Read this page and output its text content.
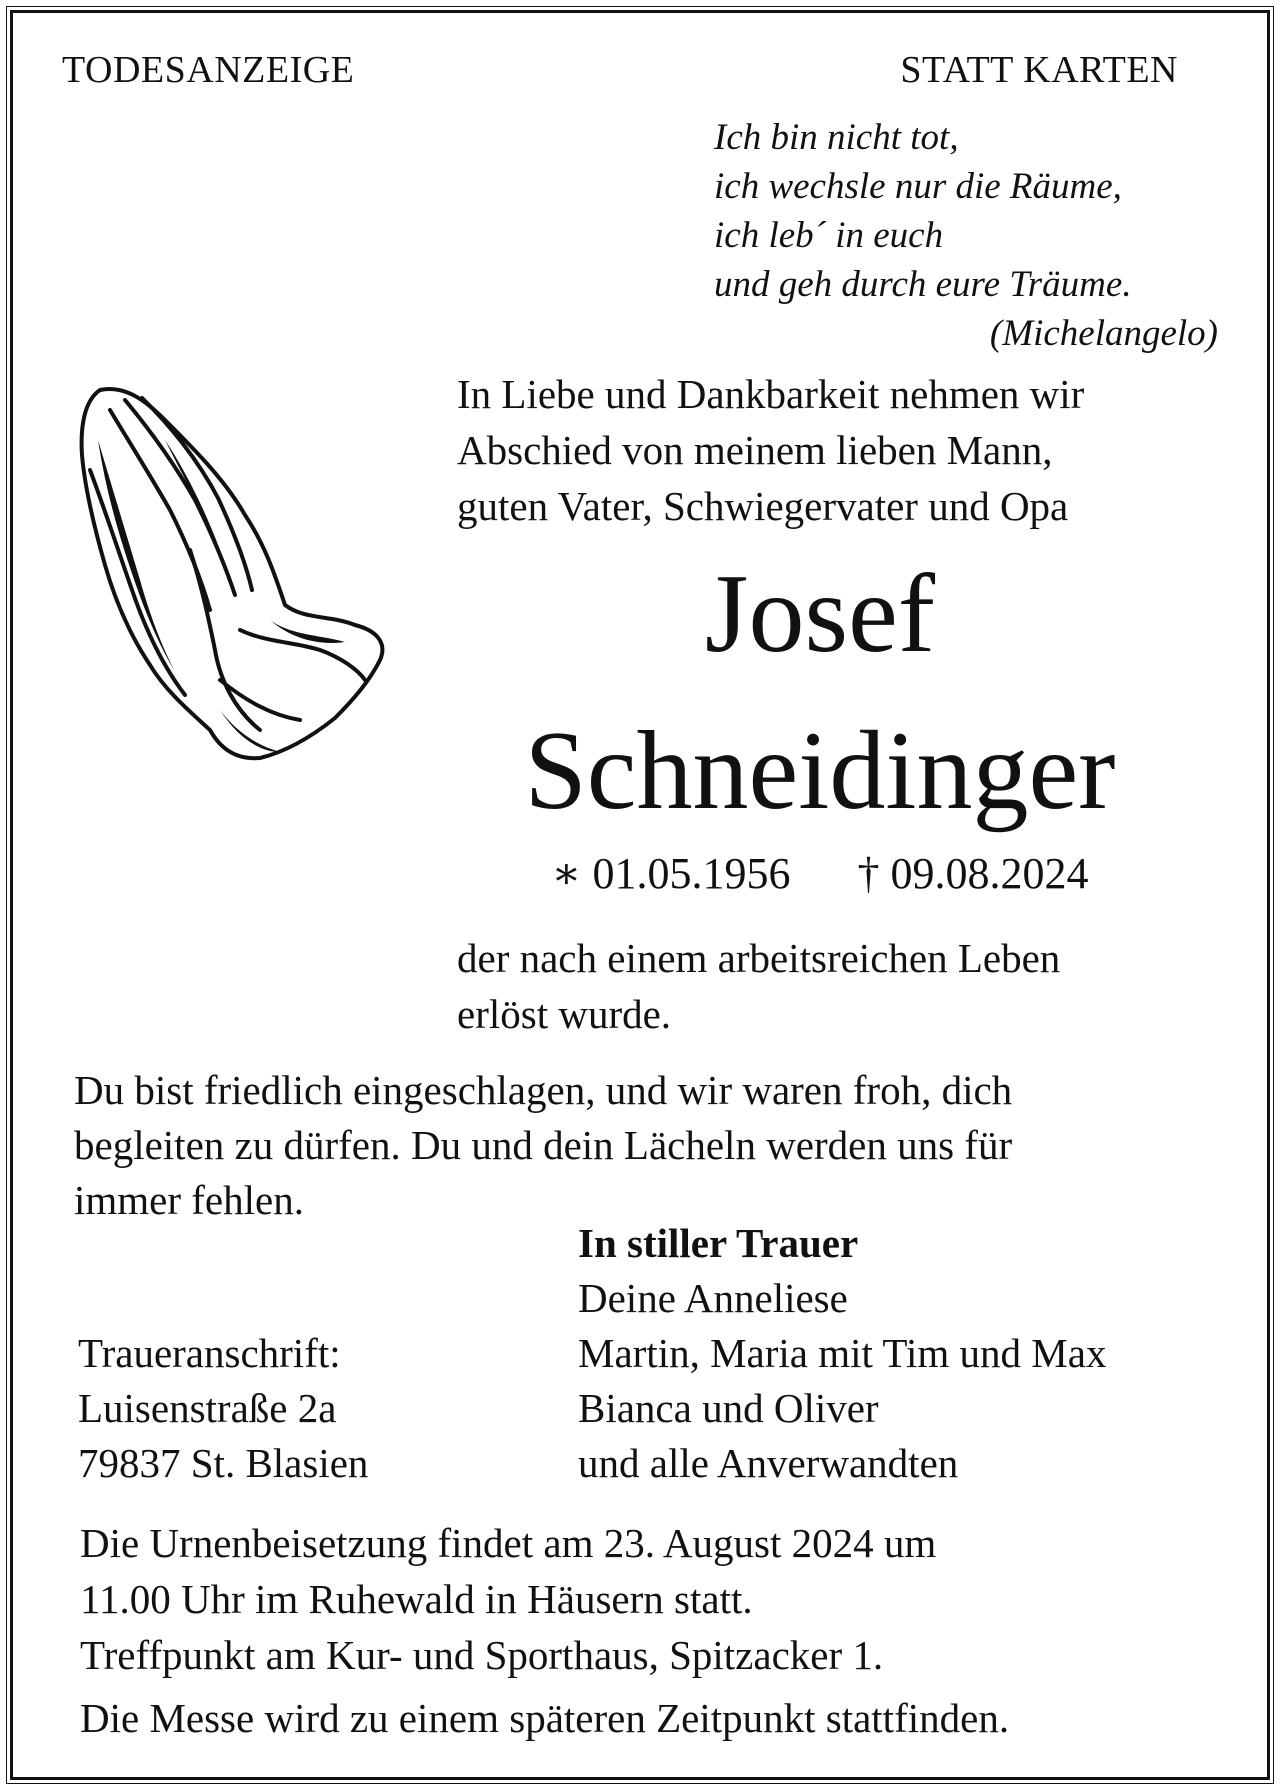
TODESANZEIGE	STATT KARTEN
Ich bin nicht tot,
ich wechsle nur die Räume,
ich leb´ in euch
und geh durch eure Träume.
(Michelangelo)
In Liebe und Dankbarkeit nehmen wir
Abschied von meinem lieben Mann,
guten Vater, Schwiegervater und Opa
Josef
Schneidinger
∗ 01.05.1956 † 09.08.2024
der nach einem arbeitsreichen Leben
erlöst wurde.
Du bist friedlich eingeschlagen, und wir waren froh, dich
begleiten zu dürfen. Du und dein Lächeln werden uns für
immer fehlen.
In stiller Trauer
Deine Anneliese
Martin, Maria mit Tim und Max
Bianca und Oliver
und alle Anverwandten
Traueranschrift:
Luisenstraße 2a
79837 St. Blasien
Die Urnenbeisetzung findet am 23. August 2024 um
11.00 Uhr im Ruhewald in Häusern statt.
Treffpunkt am Kur- und Sporthaus, Spitzacker 1.
Die Messe wird zu einem späteren Zeitpunkt stattfinden.
